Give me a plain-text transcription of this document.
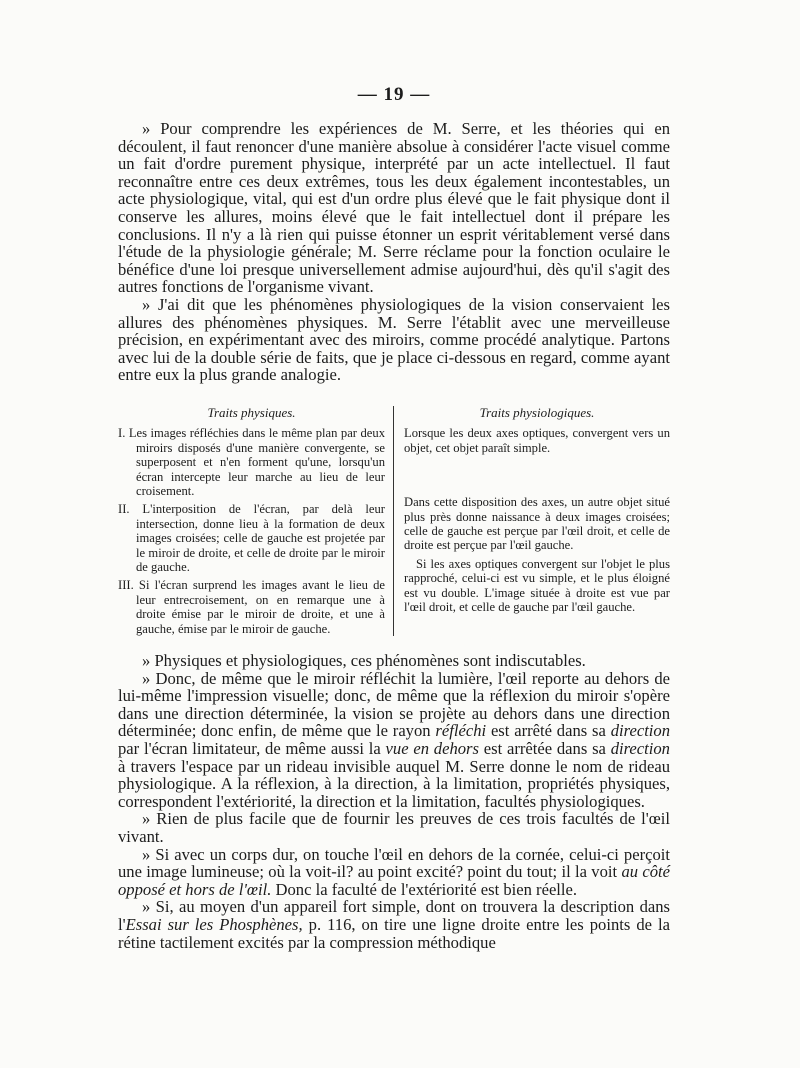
— 19 —

» Pour comprendre les expériences de M. Serre, et les théories qui en découlent, il faut renoncer d'une manière absolue à considérer l'acte visuel comme un fait d'ordre purement physique, interprété par un acte intellectuel. Il faut reconnaître entre ces deux extrêmes, tous les deux également incontestables, un acte physiologique, vital, qui est d'un ordre plus élevé que le fait physique dont il conserve les allures, moins élevé que le fait intellectuel dont il prépare les conclusions. Il n'y a là rien qui puisse étonner un esprit véritablement versé dans l'étude de la physiologie générale; M. Serre réclame pour la fonction oculaire le bénéfice d'une loi presque universellement admise aujourd'hui, dès qu'il s'agit des autres fonctions de l'organisme vivant.

» J'ai dit que les phénomènes physiologiques de la vision conservaient les allures des phénomènes physiques. M. Serre l'établit avec une merveilleuse précision, en expérimentant avec des miroirs, comme procédé analytique. Partons avec lui de la double série de faits, que je place ci-dessous en regard, comme ayant entre eux la plus grande analogie.

Traits physiques.

I. Les images réfléchies dans le même plan par deux miroirs disposés d'une manière convergente, se superposent et n'en forment qu'une, lorsqu'un écran intercepte leur marche au lieu de leur croisement.

II. L'interposition de l'écran, par delà leur intersection, donne lieu à la formation de deux images croisées; celle de gauche est projetée par le miroir de droite, et celle de droite par le miroir de gauche.

III. Si l'écran surprend les images avant le lieu de leur entrecroisement, on en remarque une à droite émise par le miroir de droite, et une à gauche, émise par le miroir de gauche.

Traits physiologiques.

Lorsque les deux axes optiques, convergent vers un objet, cet objet paraît simple.

Dans cette disposition des axes, un autre objet situé plus près donne naissance à deux images croisées; celle de gauche est perçue par l'œil droit, et celle de droite est perçue par l'œil gauche.

Si les axes optiques convergent sur l'objet le plus rapproché, celui-ci est vu simple, et le plus éloigné est vu double. L'image située à droite est vue par l'œil droit, et celle de gauche par l'œil gauche.

» Physiques et physiologiques, ces phénomènes sont indiscutables.

» Donc, de même que le miroir réfléchit la lumière, l'œil reporte au dehors de lui-même l'impression visuelle; donc, de même que la réflexion du miroir s'opère dans une direction déterminée, la vision se projète au dehors dans une direction déterminée; donc enfin, de même que le rayon réfléchi est arrêté dans sa direction par l'écran limitateur, de même aussi la vue en dehors est arrêtée dans sa direction à travers l'espace par un rideau invisible auquel M. Serre donne le nom de rideau physiologique. A la réflexion, à la direction, à la limitation, propriétés physiques, correspondent l'extériorité, la direction et la limitation, facultés physiologiques.

» Rien de plus facile que de fournir les preuves de ces trois facultés de l'œil vivant.

» Si avec un corps dur, on touche l'œil en dehors de la cornée, celui-ci perçoit une image lumineuse; où la voit-il? au point excité? point du tout; il la voit au côté opposé et hors de l'œil. Donc la faculté de l'extériorité est bien réelle.

» Si, au moyen d'un appareil fort simple, dont on trouvera la description dans l'Essai sur les Phosphènes, p. 116, on tire une ligne droite entre les points de la rétine tactilement excités par la compression méthodique
